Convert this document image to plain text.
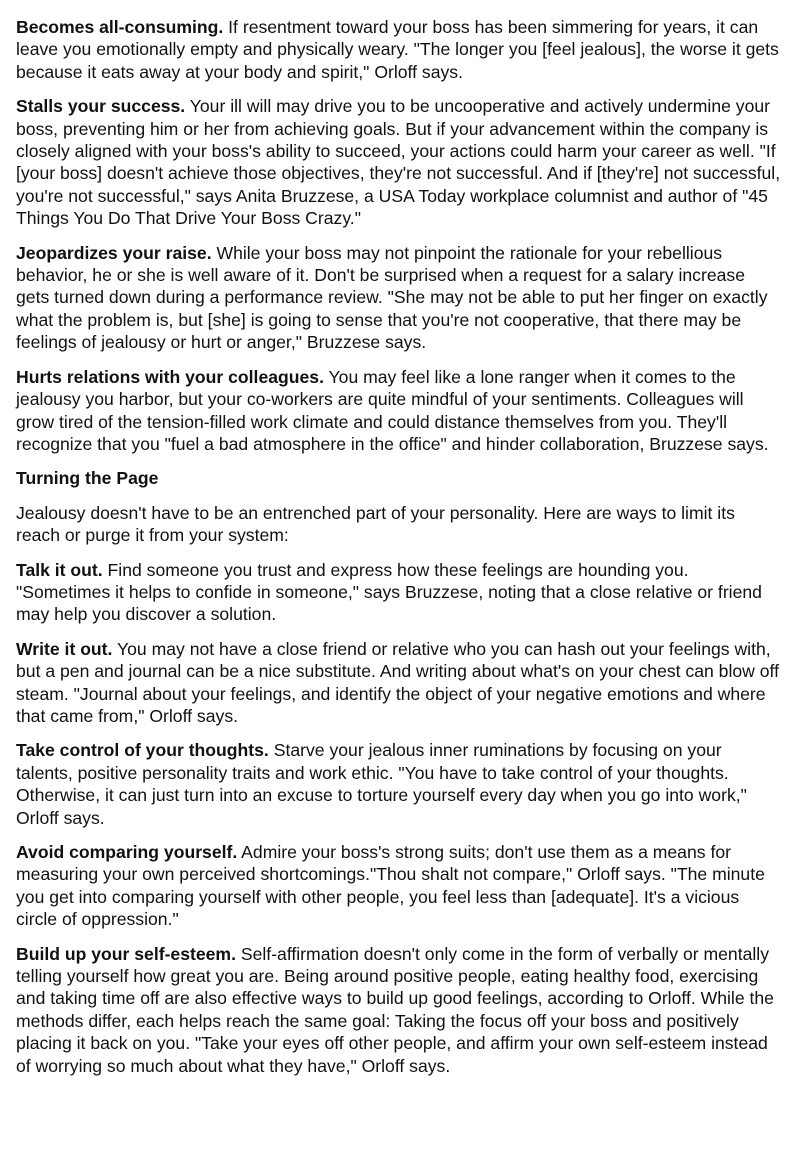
Becomes all-consuming. If resentment toward your boss has been simmering for years, it can leave you emotionally empty and physically weary. "The longer you [feel jealous], the worse it gets because it eats away at your body and spirit," Orloff says.

Stalls your success. Your ill will may drive you to be uncooperative and actively undermine your boss, preventing him or her from achieving goals. But if your advancement within the company is closely aligned with your boss's ability to succeed, your actions could harm your career as well. "If [your boss] doesn't achieve those objectives, they're not successful. And if [they're] not successful, you're not successful," says Anita Bruzzese, a USA Today workplace columnist and author of "45 Things You Do That Drive Your Boss Crazy."

Jeopardizes your raise. While your boss may not pinpoint the rationale for your rebellious behavior, he or she is well aware of it. Don't be surprised when a request for a salary increase gets turned down during a performance review. "She may not be able to put her finger on exactly what the problem is, but [she] is going to sense that you're not cooperative, that there may be feelings of jealousy or hurt or anger," Bruzzese says.

Hurts relations with your colleagues. You may feel like a lone ranger when it comes to the jealousy you harbor, but your co-workers are quite mindful of your sentiments. Colleagues will grow tired of the tension-filled work climate and could distance themselves from you. They'll recognize that you "fuel a bad atmosphere in the office" and hinder collaboration, Bruzzese says.

Turning the Page

Jealousy doesn't have to be an entrenched part of your personality. Here are ways to limit its reach or purge it from your system:

Talk it out. Find someone you trust and express how these feelings are hounding you. "Sometimes it helps to confide in someone," says Bruzzese, noting that a close relative or friend may help you discover a solution.

Write it out. You may not have a close friend or relative who you can hash out your feelings with, but a pen and journal can be a nice substitute. And writing about what's on your chest can blow off steam. "Journal about your feelings, and identify the object of your negative emotions and where that came from," Orloff says.

Take control of your thoughts. Starve your jealous inner ruminations by focusing on your talents, positive personality traits and work ethic. "You have to take control of your thoughts. Otherwise, it can just turn into an excuse to torture yourself every day when you go into work," Orloff says.

Avoid comparing yourself. Admire your boss's strong suits; don't use them as a means for measuring your own perceived shortcomings."Thou shalt not compare," Orloff says. "The minute you get into comparing yourself with other people, you feel less than [adequate]. It's a vicious circle of oppression."

Build up your self-esteem. Self-affirmation doesn't only come in the form of verbally or mentally telling yourself how great you are. Being around positive people, eating healthy food, exercising and taking time off are also effective ways to build up good feelings, according to Orloff. While the methods differ, each helps reach the same goal: Taking the focus off your boss and positively placing it back on you. "Take your eyes off other people, and affirm your own self-esteem instead of worrying so much about what they have," Orloff says.
